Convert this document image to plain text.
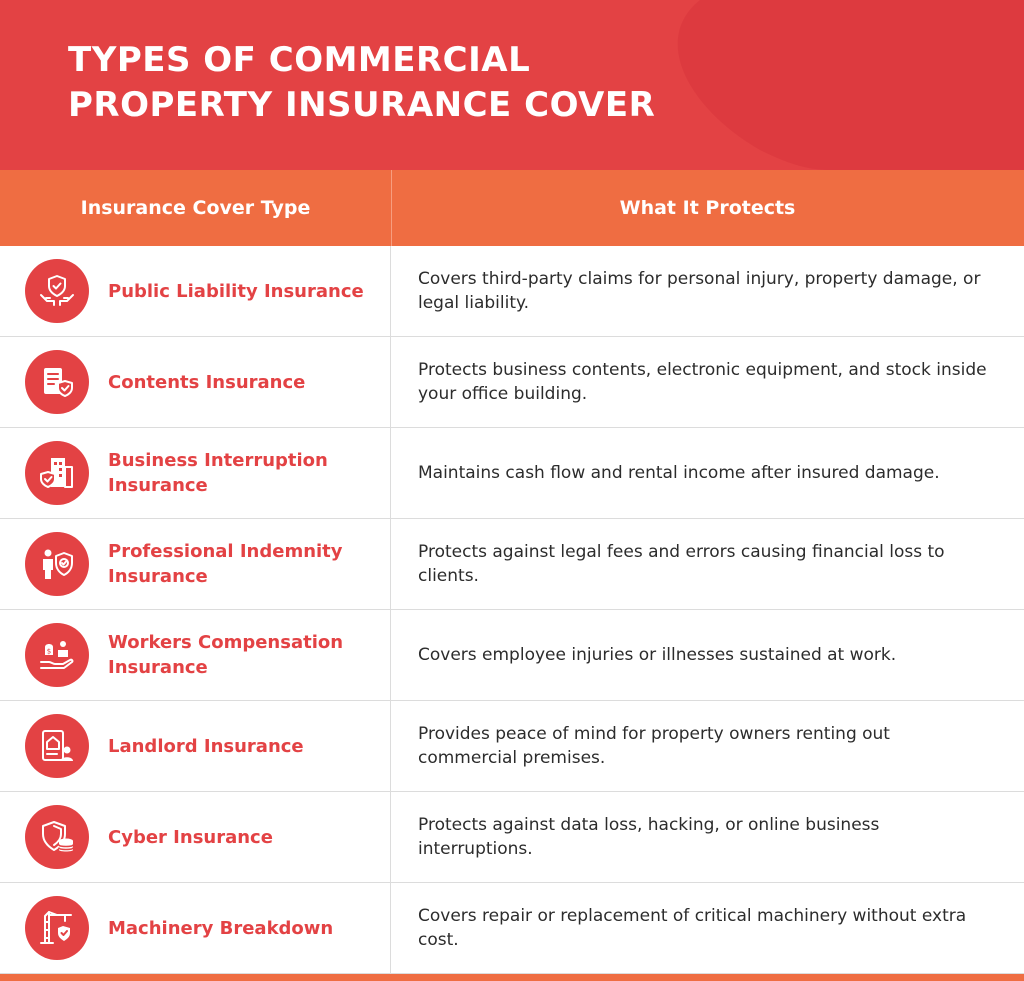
TYPES OF COMMERCIAL
PROPERTY INSURANCE COVER
Insurance Cover Type	What It Protects
Public Liability Insurance
Covers third-party claims for personal injury, property damage, or legal liability.
Contents Insurance
Protects business contents, electronic equipment, and stock inside your office building.
Business Interruption Insurance
Maintains cash flow and rental income after insured damage.
Professional Indemnity Insurance
Protects against legal fees and errors causing financial loss to clients.
$	Workers Compensation Insurance
Covers employee injuries or illnesses sustained at work.
Landlord Insurance
Provides peace of mind for property owners renting out commercial premises.
Cyber Insurance
Protects against data loss, hacking, or online business interruptions.
Machinery Breakdown
Covers repair or replacement of critical machinery without extra cost.
